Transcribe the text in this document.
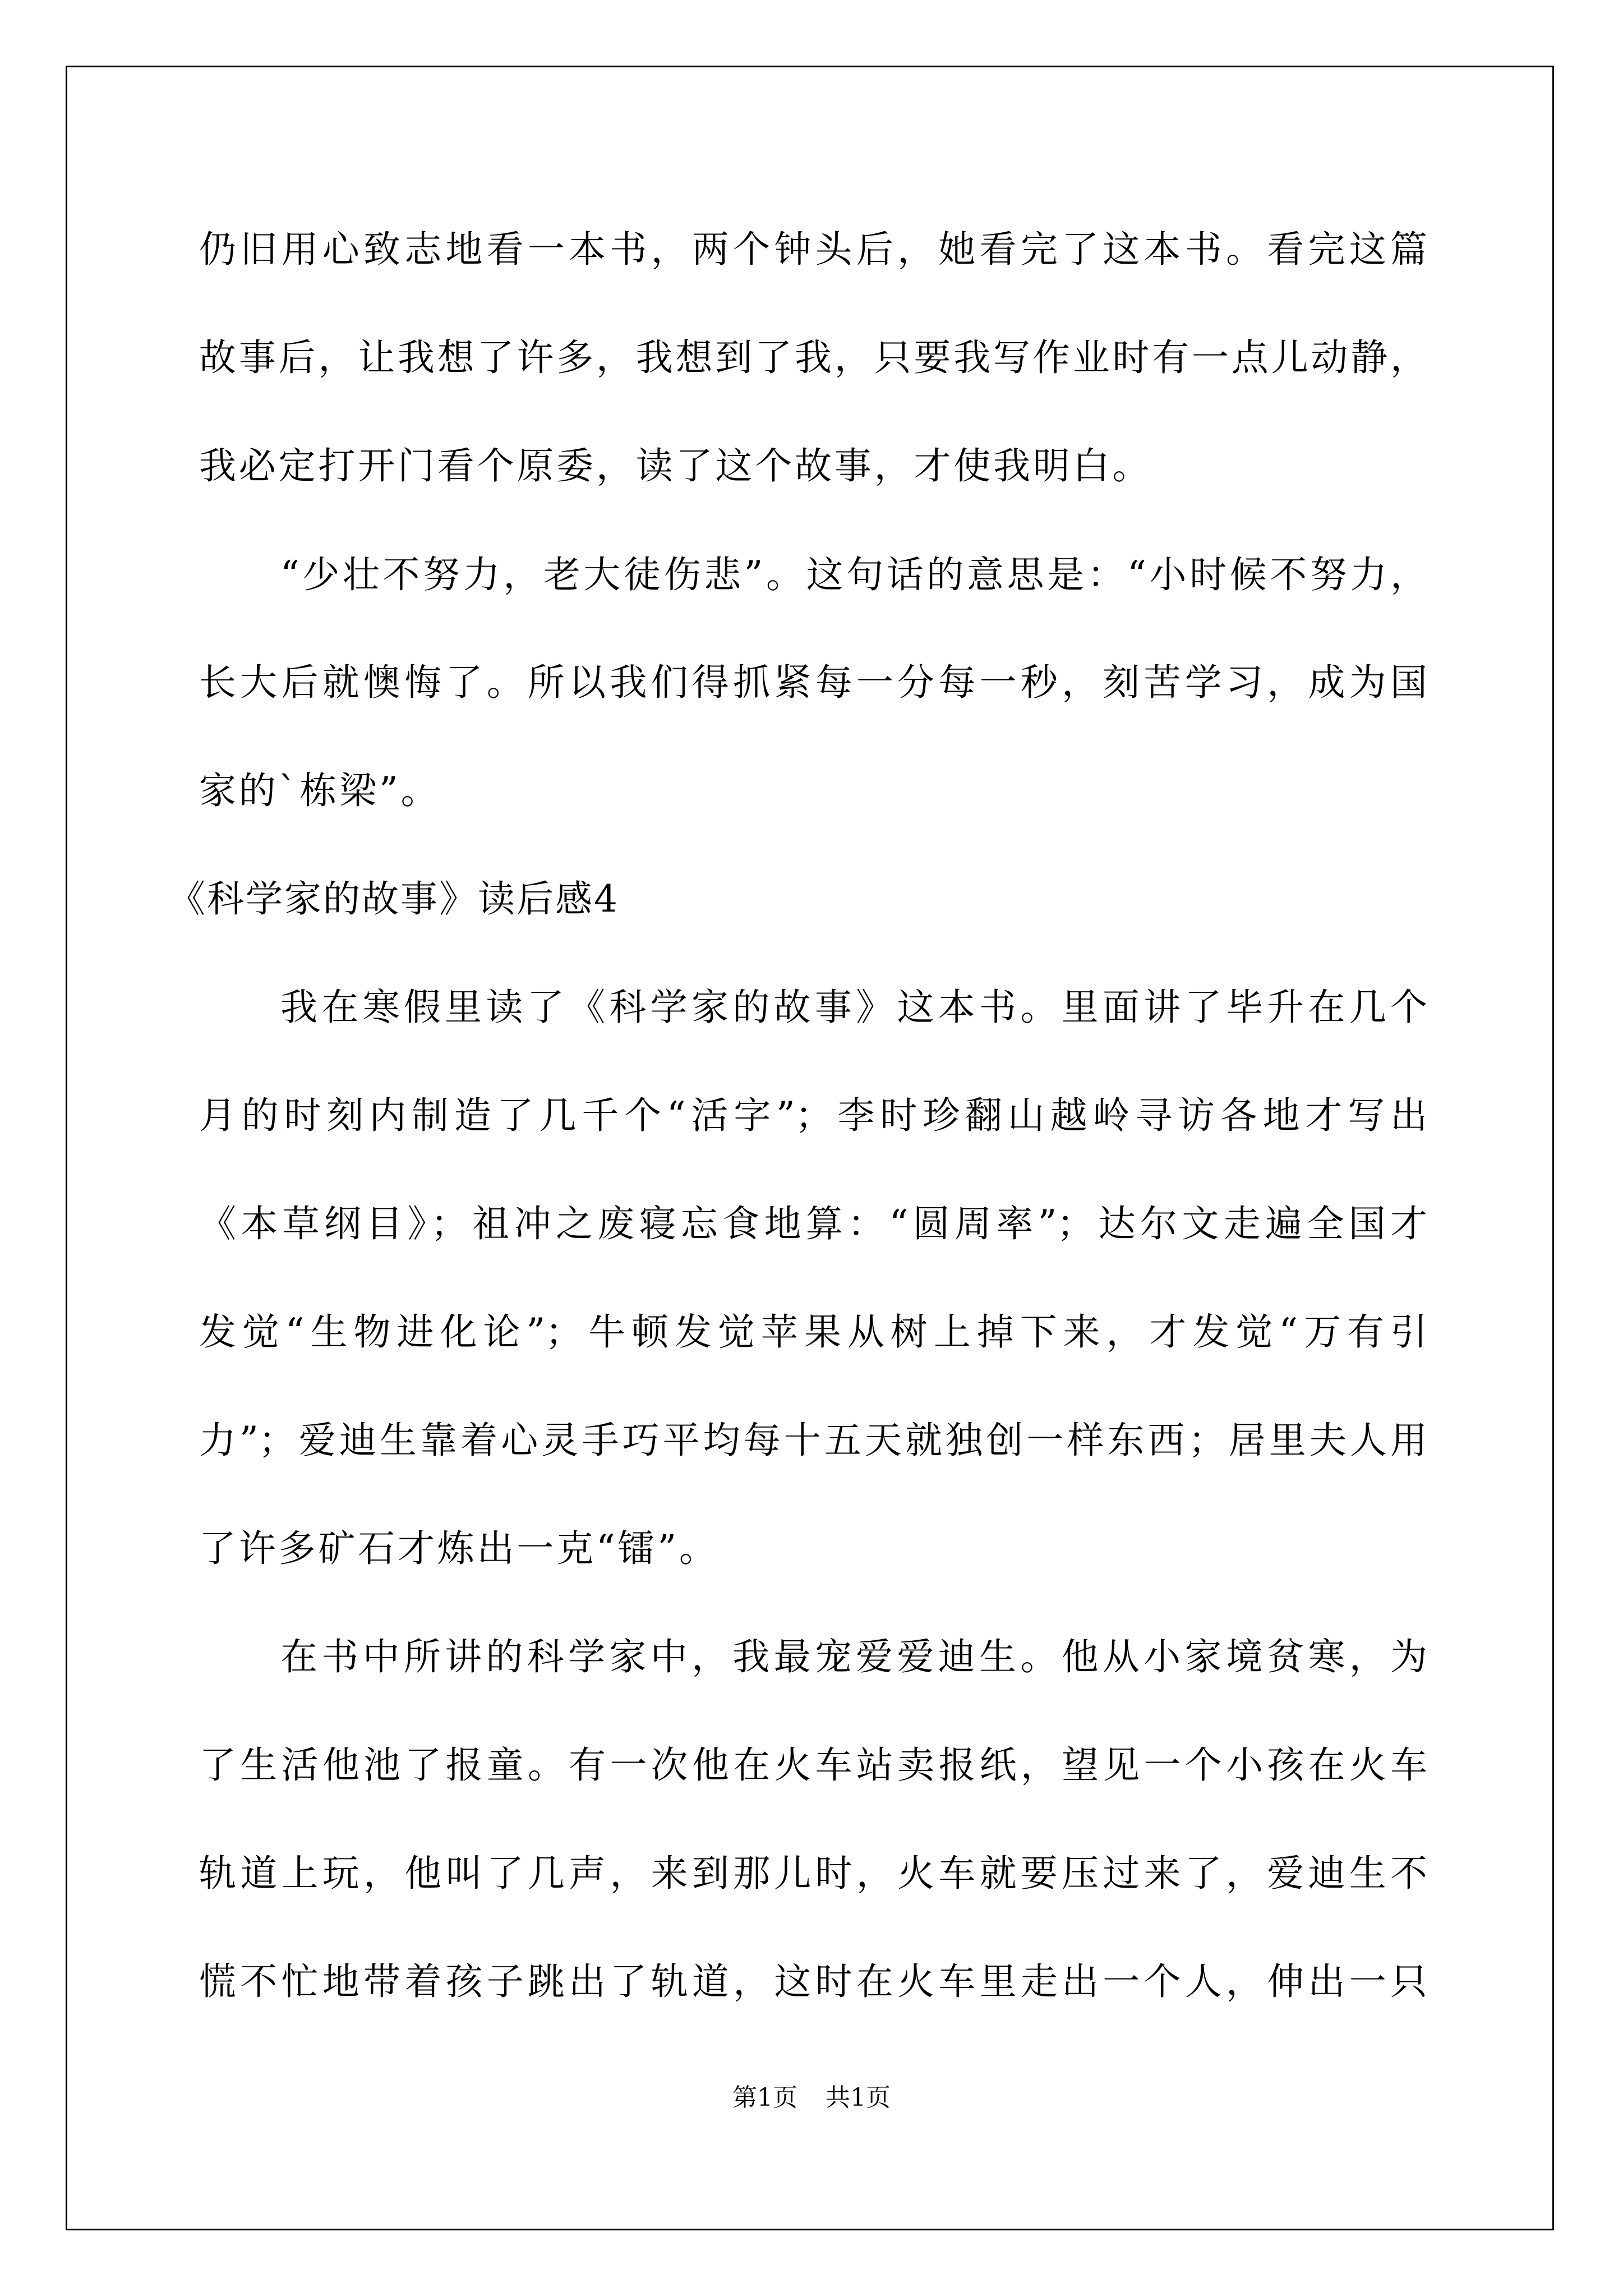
仍旧用心致志地看一本书，两个钟头后，她看完了这本书。看完这篇
故事后，让我想了许多，我想到了我，只要我写作业时有一点儿动静，
我必定打开门看个原委，读了这个故事，才使我明白。
“少壮不努力，老大徒伤悲”。这句话的意思是：“小时候不努力，
长大后就懊悔了。所以我们得抓紧每一分每一秒，刻苦学习，成为国
家的`栋梁”。
《科学家的故事》读后感4
我在寒假里读了《科学家的故事》这本书。里面讲了毕升在几个
月的时刻内制造了几千个“活字”；李时珍翻山越岭寻访各地才写出
《本草纲目》；祖冲之废寝忘食地算：“圆周率”；达尔文走遍全国才
发觉“生物进化论”；牛顿发觉苹果从树上掉下来，才发觉“万有引
力”；爱迪生靠着心灵手巧平均每十五天就独创一样东西；居里夫人用
了许多矿石才炼出一克“镭”。
在书中所讲的科学家中，我最宠爱爱迪生。他从小家境贫寒，为
了生活他池了报童。有一次他在火车站卖报纸，望见一个小孩在火车
轨道上玩，他叫了几声，来到那儿时，火车就要压过来了，爱迪生不
慌不忙地带着孩子跳出了轨道，这时在火车里走出一个人，伸出一只
第1页 共1页
